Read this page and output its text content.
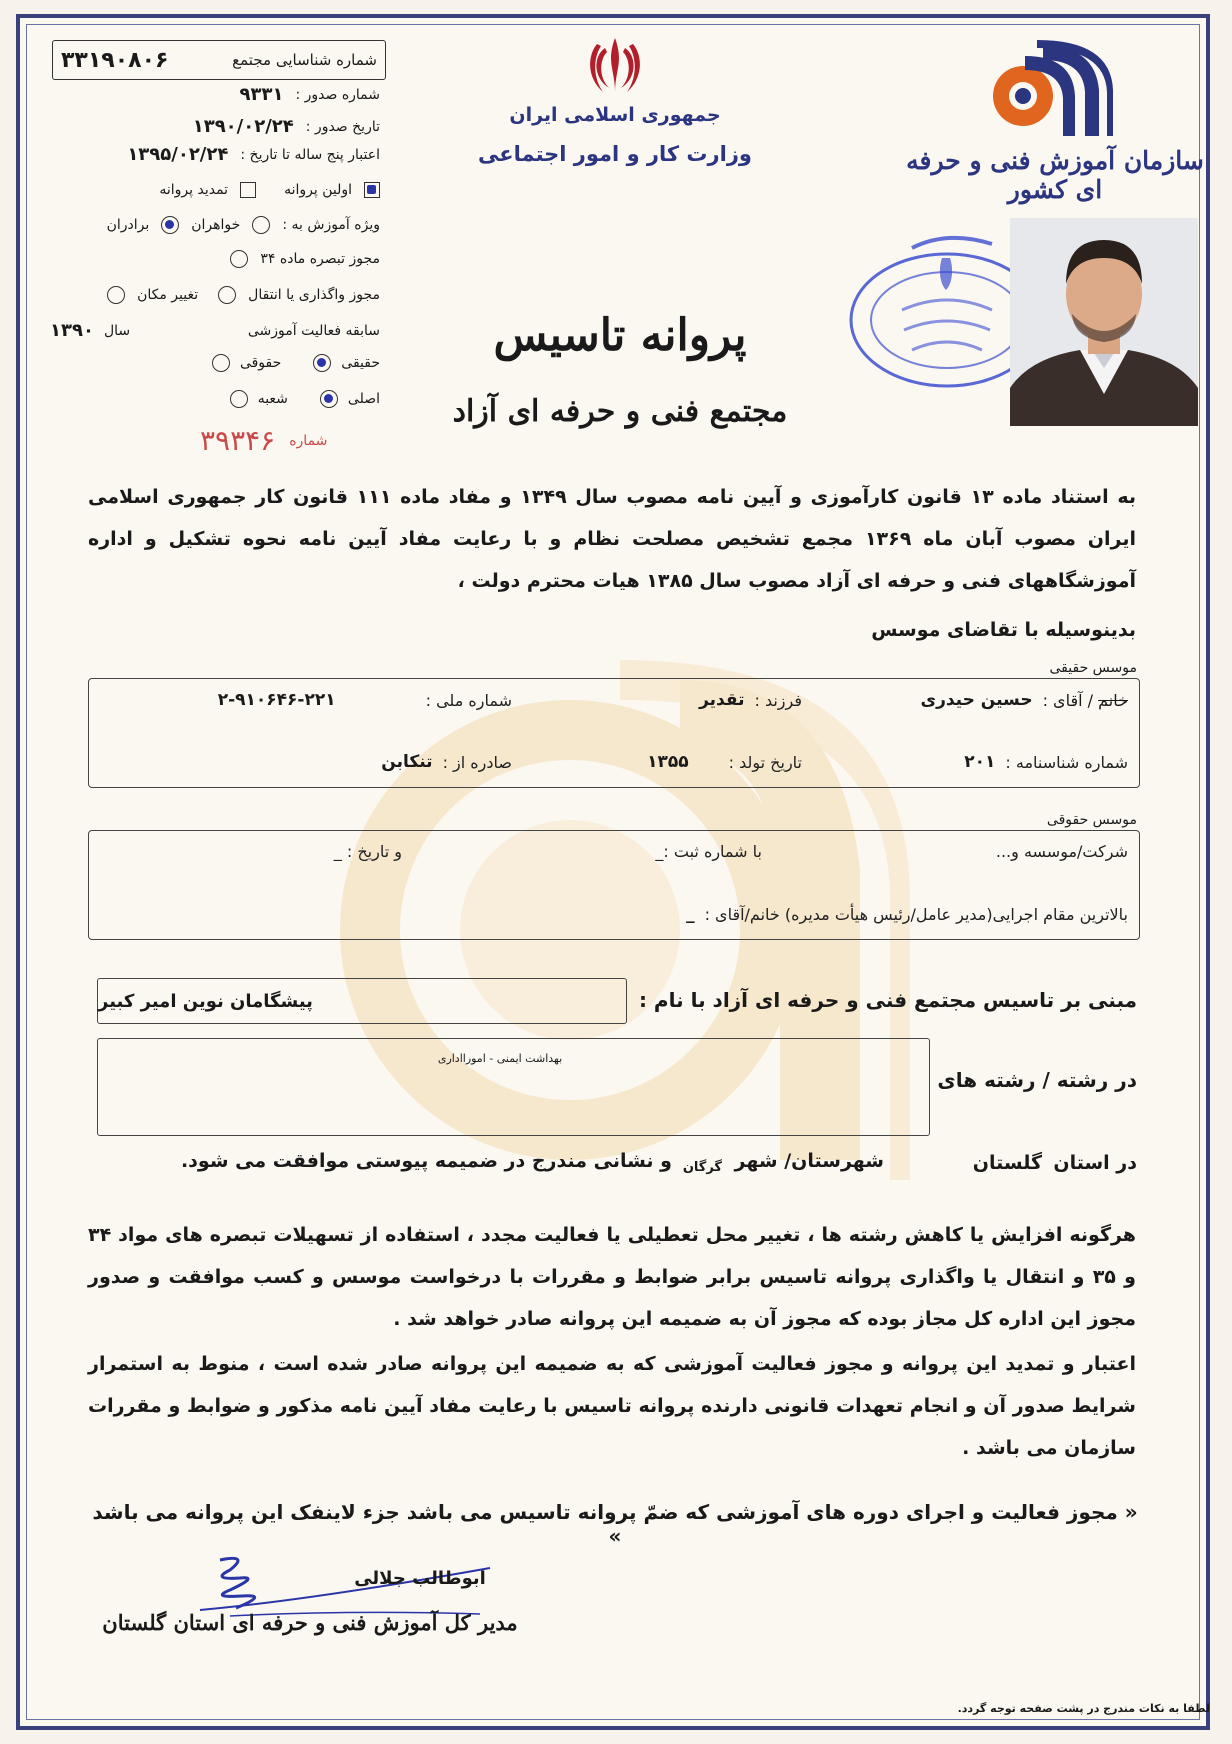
شماره شناسایی مجتمع
۳۳۱۹۰۸۰۶
شماره صدور :
۹۳۳۱
تاریخ صدور :
۱۳۹۰/۰۲/۲۴
اعتبار پنج ساله تا تاریخ :
۱۳۹۵/۰۲/۲۴
اولین پروانه
تمدید پروانه
ویژه آموزش به :
خواهران
برادران
مجوز تبصره ماده ۳۴
مجوز واگذاری یا انتقال
تغییر مکان
سابقه فعالیت آموزشی
سال
۱۳۹۰
حقیقی
حقوقی
اصلی
شعبه
شماره
۳۹۳۴۶
جمهوری اسلامی ایران
وزارت کار و امور اجتماعی	سازمان آموزش فنی و حرفه ای کشور
پروانه تاسیس
مجتمع فنی و حرفه ای آزاد
به استناد ماده ۱۳ قانون کارآموزی و آیین نامه مصوب سال ۱۳۴۹ و مفاد ماده ۱۱۱ قانون کار جمهوری اسلامی ایران مصوب آبان ماه ۱۳۶۹ مجمع تشخیص مصلحت نظام و با رعایت مفاد آیین نامه نحوه تشکیل و اداره آموزشگاههای فنی و حرفه ای آزاد مصوب سال ۱۳۸۵ هیات محترم دولت ،
بدینوسیله با تقاضای موسس
موسس حقیقی
خانم / آقای :
حسین حیدری
فرزند :
تقدیر
شماره ملی :
۲-۹۱۰۶۴۶-۲۲۱
شماره شناسنامه :
۲۰۱
تاریخ تولد :
۱۳۵۵
صادره از :
تنکابن
موسس حقوقی
شرکت/موسسه و...
با شماره ثبت :_
و تاریخ : _
بالاترین مقام اجرایی(مدیر عامل/رئیس هیأت مدیره) خانم/آقای :
_
مبنی بر تاسیس مجتمع فنی و حرفه ای آزاد با نام :
پیشگامان نوین امیر کبیر
بهداشت ایمنی - امورااداری
در رشته / رشته های
در استان
گلستان
شهرستان/ شهر
گرگان
و نشانی مندرج در ضمیمه پیوستی موافقت می شود.
هرگونه افزایش یا کاهش رشته ها ، تغییر محل تعطیلی یا فعالیت مجدد ، استفاده از تسهیلات تبصره های مواد ۳۴ و ۳۵ و انتقال یا واگذاری پروانه تاسیس برابر ضوابط و مقررات با درخواست موسس و کسب موافقت و صدور مجوز این اداره کل مجاز بوده که مجوز آن به ضمیمه این پروانه صادر خواهد شد .
اعتبار و تمدید این پروانه و مجوز فعالیت آموزشی که به ضمیمه این پروانه صادر شده است ، منوط به استمرار شرایط صدور آن و انجام تعهدات قانونی دارنده پروانه تاسیس با رعایت مفاد آیین نامه مذکور و ضوابط و مقررات سازمان می باشد .
« مجوز فعالیت و اجرای دوره های آموزشی که ضمّ پروانه تاسیس می باشد جزء لاینفک این پروانه می باشد »
ابوطالب جلالی
مدیر کل آموزش فنی و حرفه ای استان گلستان
لطفا به نکات مندرج در پشت صفحه توجه گردد.
